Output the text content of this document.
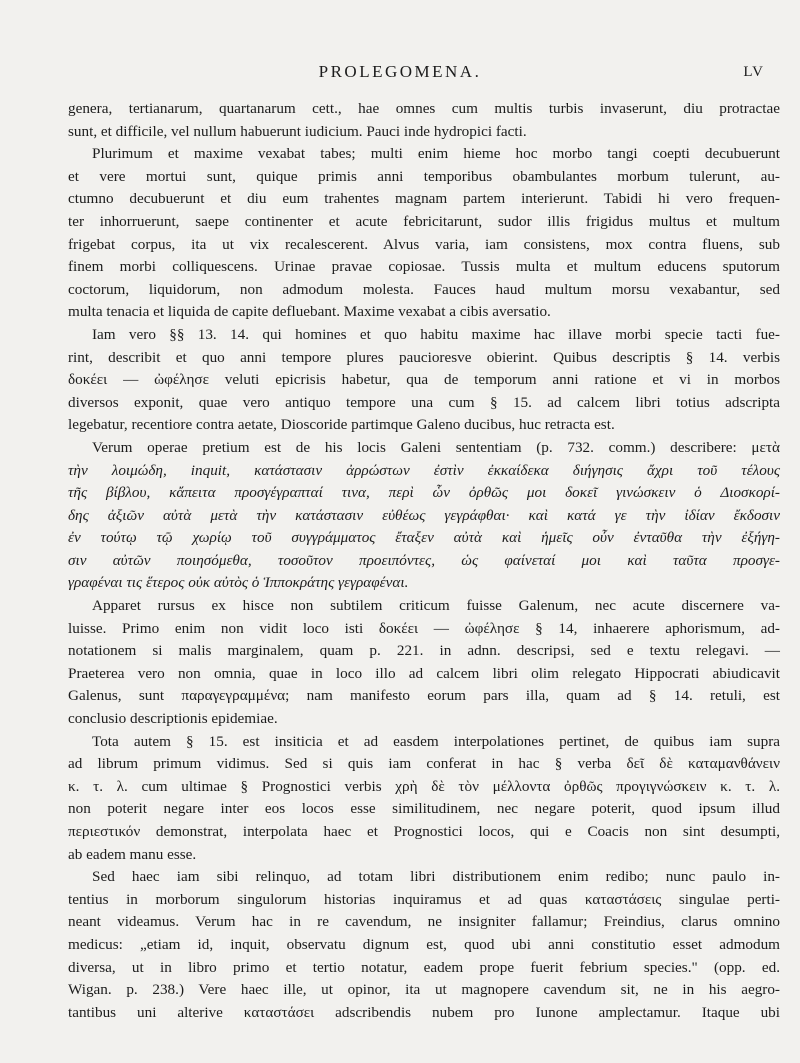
PROLEGOMENA.	LV
genera, tertianarum, quartanarum cett., hae omnes cum multis turbis invaserunt, diu protractae
sunt, et difficile, vel nullum habuerunt iudicium. Pauci inde hydropici facti.
Plurimum et maxime vexabat tabes; multi enim hieme hoc morbo tangi coepti decubuerunt
et vere mortui sunt, quique primis anni temporibus obambulantes morbum tulerunt, au-
ctumno decubuerunt et diu eum trahentes magnam partem interierunt. Tabidi hi vero frequen-
ter inhorruerunt, saepe continenter et acute febricitarunt, sudor illis frigidus multus et multum
frigebat corpus, ita ut vix recalescerent. Alvus varia, iam consistens, mox contra fluens, sub
finem morbi colliquescens. Urinae pravae copiosae. Tussis multa et multum educens sputorum
coctorum, liquidorum, non admodum molesta. Fauces haud multum morsu vexabantur, sed
multa tenacia et liquida de capite defluebant. Maxime vexabat a cibis aversatio.
Iam vero §§ 13. 14. qui homines et quo habitu maxime hac illave morbi specie tacti fue-
rint, describit et quo anni tempore plures paucioresve obierint. Quibus descriptis § 14. verbis
δοκέει — ὠφέλησε veluti epicrisis habetur, qua de temporum anni ratione et vi in morbos
diversos exponit, quae vero antiquo tempore una cum § 15. ad calcem libri totius adscripta
legebatur, recentiore contra aetate, Dioscoride partimque Galeno ducibus, huc retracta est.
Verum operae pretium est de his locis Galeni sententiam (p. 732. comm.) describere: μετὰ
τὴν λοιμώδη, inquit, κατάστασιν ἀρρώστων ἐστὶν ἐκκαίδεκα διήγησις ἄχρι τοῦ τέλους
τῆς βίβλου, κἄπειτα προσγέγραπταί τινα, περὶ ὧν ὀρθῶς μοι δοκεῖ γινώσκειν ὁ Διοσκορί-
δης ἀξιῶν αὐτὰ μετὰ τὴν κατάστασιν εὐθέως γεγράφθαι· καὶ κατά γε τὴν ἰδίαν ἔκδοσιν
ἐν τούτῳ τῷ χωρίῳ τοῦ συγγράμματος ἔταξεν αὐτὰ καὶ ἡμεῖς οὖν ἐνταῦθα τὴν ἐξήγη-
σιν αὐτῶν ποιησόμεθα, τοσοῦτον προειπόντες, ὡς φαίνεταί μοι καὶ ταῦτα προσγε-
γραφέναι τις ἕτερος οὐκ αὐτὸς ὁ Ἱπποκράτης γεγραφέναι.
Apparet rursus ex hisce non subtilem criticum fuisse Galenum, nec acute discernere va-
luisse. Primo enim non vidit loco isti δοκέει — ὠφέλησε § 14, inhaerere aphorismum, ad-
notationem si malis marginalem, quam p. 221. in adnn. descripsi, sed e textu relegavi. —
Praeterea vero non omnia, quae in loco illo ad calcem libri olim relegato Hippocrati abiudicavit
Galenus, sunt παραγεγραμμένα; nam manifesto eorum pars illa, quam ad § 14. retuli, est
conclusio descriptionis epidemiae.
Tota autem § 15. est insiticia et ad easdem interpolationes pertinet, de quibus iam supra
ad librum primum vidimus. Sed si quis iam conferat in hac § verba δεῖ δὲ καταμανθάνειν
κ. τ. λ. cum ultimae § Prognostici verbis χρὴ δὲ τὸν μέλλοντα ὀρθῶς προγιγνώσκειν κ. τ. λ.
non poterit negare inter eos locos esse similitudinem, nec negare poterit, quod ipsum illud
περιεστικόν demonstrat, interpolata haec et Prognostici locos, qui e Coacis non sint desumpti,
ab eadem manu esse.
Sed haec iam sibi relinquo, ad totam libri distributionem enim redibo; nunc paulo in-
tentius in morborum singulorum historias inquiramus et ad quas καταστάσεις singulae perti-
neant videamus. Verum hac in re cavendum, ne insigniter fallamur; Freindius, clarus omnino
medicus: „etiam id, inquit, observatu dignum est, quod ubi anni constitutio esset admodum
diversa, ut in libro primo et tertio notatur, eadem prope fuerit febrium species." (opp. ed.
Wigan. p. 238.) Vere haec ille, ut opinor, ita ut magnopere cavendum sit, ne in his aegro-
tantibus uni alterive καταστάσει adscribendis nubem pro Iunone amplectamur. Itaque ubi
